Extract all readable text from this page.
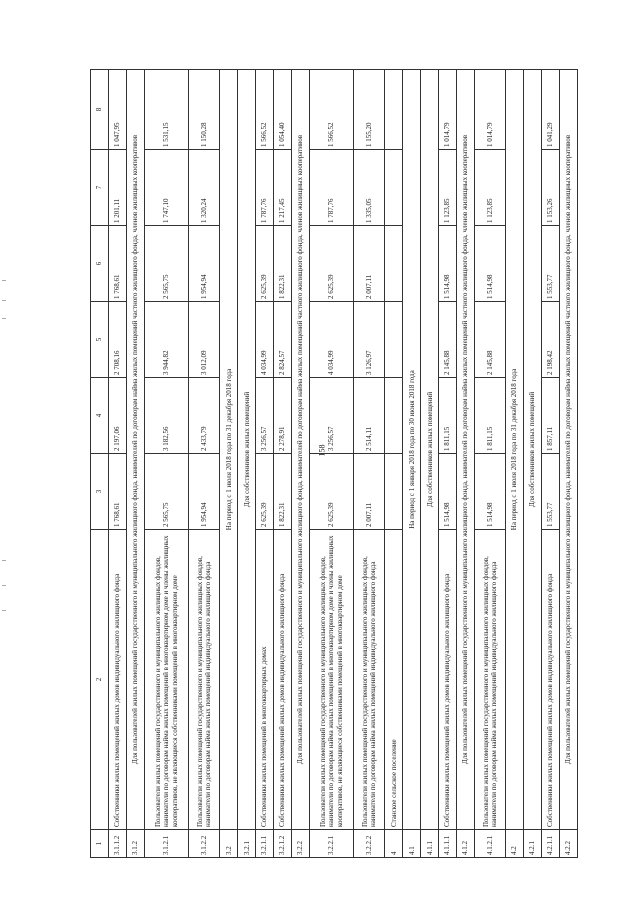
158
1	2	3	4	5	6	7	8
3.1.1.2	Собственники жилых помещений жилых домов индивидуального жилищного фонда	1 768,61	2 197,06	2 708,16	1 768,61	1 201,11	1 047,95
3.1.2	Для пользователей жилых помещений государственного и муниципального жилищного фонда, нанимателей по договорам найма жилых помещений частного жилищного фонда, членов жилищных кооперативов						
3.1.2.1	Пользователи жилых помещений государственного и муниципального жилищных фондов, наниматели по договорам найма жилых помещений в многоквартирном доме и члены жилищных кооперативов, не являющиеся собственниками помещений в многоквартирном доме	2 565,75	3 182,56	3 944,82	2 565,75	1 747,10	1 531,15
3.1.2.2	Пользователи жилых помещений государственного и муниципального жилищных фондов, наниматели по договорам найма жилых помещений индивидуального жилищного фонда	1 954,94	2 433,79	3 012,09	1 954,94	1 320,24	1 150,28
3.2	На период с 1 июля 2018 года по 31 декабря 2018 года						
3.2.1	Для собственников жилых помещений						
3.2.1.1	Собственники жилых помещений в многоквартирных домах	2 625,39	3 256,57	4 034,99	2 625,39	1 787,76	1 566,52
3.2.1.2	Собственники жилых помещений жилых домов индивидуального жилищного фонда	1 822,31	2 278,91	2 824,57	1 822,31	1 217,45	1 054,40
3.2.2	Для пользователей жилых помещений государственного и муниципального жилищного фонда, нанимателей по договорам найма жилых помещений частного жилищного фонда, членов жилищных кооперативов						
3.2.2.1	Пользователи жилых помещений государственного и муниципального жилищных фондов, наниматели по договорам найма жилых помещений в многоквартирном доме и члены жилищных кооперативов, не являющиеся собственниками помещений в многоквартирном доме	2 625,39	3 256,57	4 034,99	2 625,39	1 787,76	1 566,52
3.2.2.2	Пользователи жилых помещений государственного и муниципального жилищных фондов, наниматели по договорам найма жилых помещений индивидуального жилищного фонда	2 007,11	2 514,11	3 126,97	2 007,11	1 335,05	1 155,20
4	Станское сельское поселение						
4.1	На период с 1 января 2018 года по 30 июня 2018 года						
4.1.1	Для собственников жилых помещений						
4.1.1.1	Собственники жилых помещений жилых домов индивидуального жилищного фонда	1 514,98	1 811,15	2 145,88	1 514,98	1 123,85	1 014,79
4.1.2	Для пользователей жилых помещений государственного и муниципального жилищного фонда, нанимателей по договорам найма жилых помещений частного жилищного фонда, членов жилищных кооперативов						
4.1.2.1	Пользователи жилых помещений государственного и муниципального жилищных фондов, наниматели по договорам найма жилых помещений индивидуального жилищного фонда	1 514,98	1 811,15	2 145,88	1 514,98	1 123,85	1 014,79
4.2	На период с 1 июля 2018 года по 31 декабря 2018 года						
4.2.1	Для собственников жилых помещений						
4.2.1.1	Собственники жилых помещений жилых домов индивидуального жилищного фонда	1 553,77	1 857,11	2 198,42	1 553,77	1 153,26	1 041,29
4.2.2	Для пользователей жилых помещений государственного и муниципального жилищного фонда, нанимателей по договорам найма жилых помещений частного жилищного фонда, членов жилищных кооперативов						
